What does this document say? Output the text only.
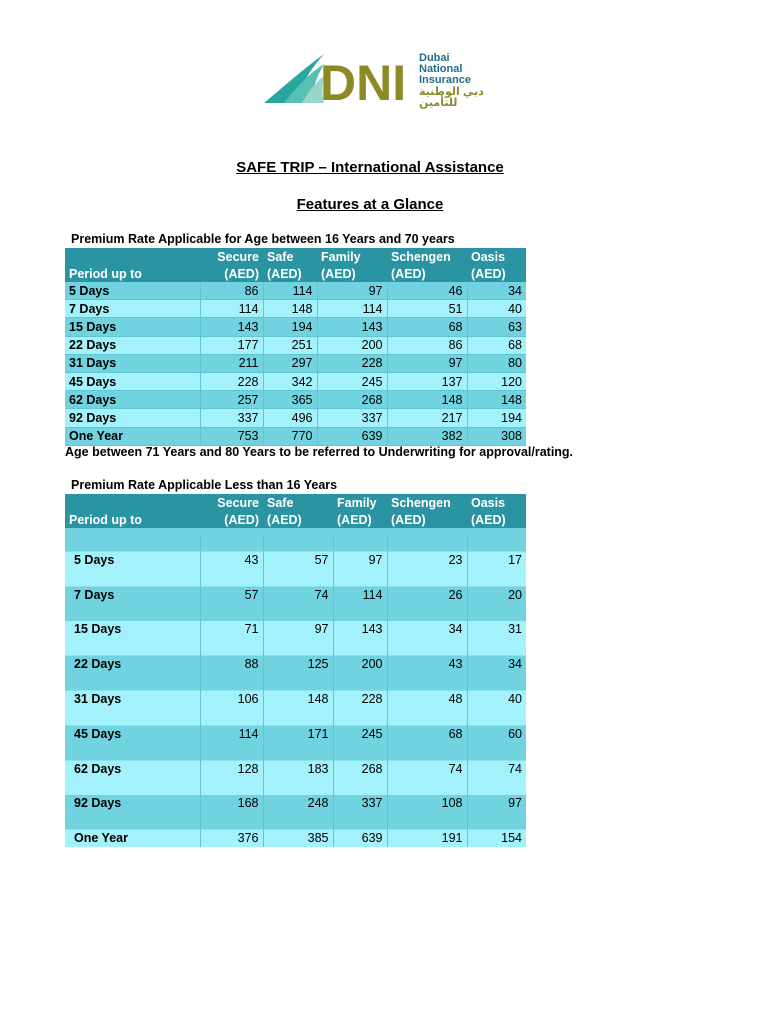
DNI Dubai
National
Insurance
دبي الوطنية للتأمين
SAFE TRIP – International Assistance
Features at a Glance
Premium Rate Applicable for Age between 16 Years and 70 years
	Secure	Safe	Family	Schengen	Oasis
Period up to	(AED)	(AED)	(AED)	(AED)	(AED)
5 Days	86	114	97	46	34
7 Days	114	148	114	51	40
15 Days	143	194	143	68	63
22 Days	177	251	200	86	68
31 Days	211	297	228	97	80
45 Days	228	342	245	137	120
62 Days	257	365	268	148	148
92 Days	337	496	337	217	194
One Year	753	770	639	382	308
Age between 71 Years and 80 Years to be referred to Underwriting for approval/rating.
Premium Rate Applicable Less than 16 Years
	Secure	Safe	Family	Schengen	Oasis
Period up to	(AED)	(AED)	(AED)	(AED)	(AED)

5 Days	43	57	97	23	17
7 Days	57	74	114	26	20
15 Days	71	97	143	34	31
22 Days	88	125	200	43	34
31 Days	106	148	228	48	40
45 Days	114	171	245	68	60
62 Days	128	183	268	74	74
92 Days	168	248	337	108	97
One Year	376	385	639	191	154
